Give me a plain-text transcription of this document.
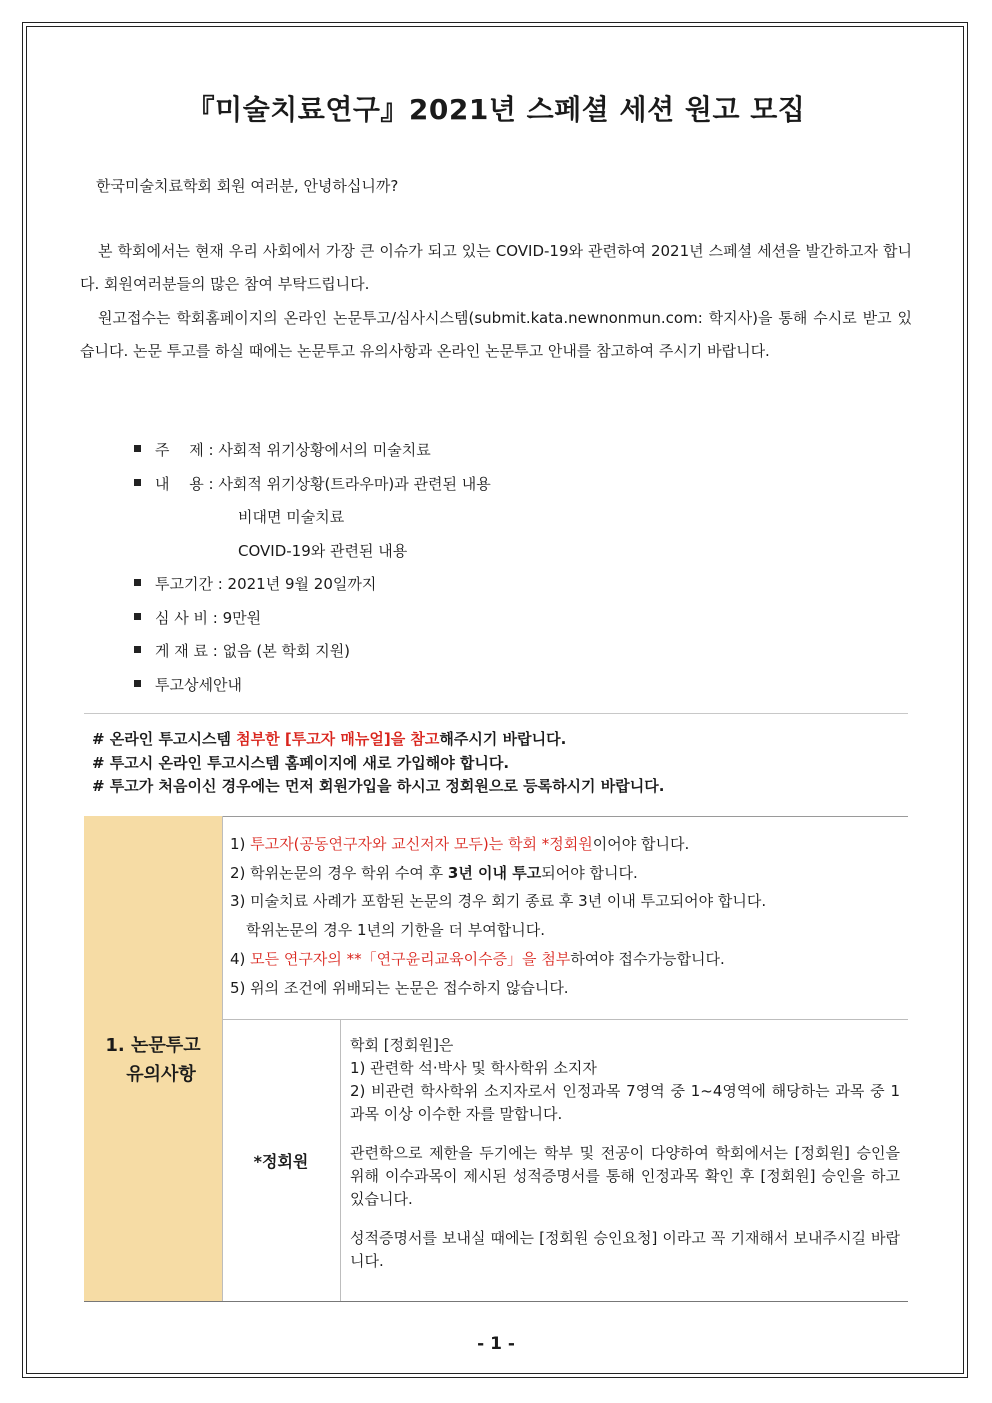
『미술치료연구』2021년 스페셜 세션 원고 모집
한국미술치료학회 회원 여러분, 안녕하십니까?
본 학회에서는 현재 우리 사회에서 가장 큰 이슈가 되고 있는 COVID-19와 관련하여 2021년 스페셜 세션을 발간하고자 합니다. 회원여러분들의 많은 참여 부탁드립니다.
원고접수는 학회홈페이지의 온라인 논문투고/심사시스템(submit.kata.newnonmun.com: 학지사)을 통해 수시로 받고 있습니다. 논문 투고를 하실 때에는 논문투고 유의사항과 온라인 논문투고 안내를 참고하여 주시기 바랍니다.
주 　제 : 사회적 위기상황에서의 미술치료
내 　용 : 사회적 위기상황(트라우마)과 관련된 내용
비대면 미술치료
COVID-19와 관련된 내용
투고기간 : 2021년 9월 20일까지
심 사 비 : 9만원
게 재 료 : 없음 (본 학회 지원)
투고상세안내
# 온라인 투고시스템 첨부한 [투고자 매뉴얼]을 참고해주시기 바랍니다.
# 투고시 온라인 투고시스템 홈페이지에 새로 가입해야 합니다.
# 투고가 처음이신 경우에는 먼저 회원가입을 하시고 정회원으로 등록하시기 바랍니다.
1. 논문투고
유의사항
1) 투고자(공동연구자와 교신저자 모두)는 학회 *정회원이어야 합니다.
2) 학위논문의 경우 학위 수여 후 3년 이내 투고되어야 합니다.
3) 미술치료 사례가 포함된 논문의 경우 회기 종료 후 3년 이내 투고되어야 합니다.
학위논문의 경우 1년의 기한을 더 부여합니다.
4) 모든 연구자의 **「연구윤리교육이수증」을 첨부하여야 접수가능합니다.
5) 위의 조건에 위배되는 논문은 접수하지 않습니다.
*정회원

학회 [정회원]은
1) 관련학 석·박사 및 학사학위 소지자
2) 비관련 학사학위 소지자로서 인정과목 7영역 중 1~4영역에 해당하는 과목 중 1과목 이상 이수한 자를 말합니다.

관련학으로 제한을 두기에는 학부 및 전공이 다양하여 학회에서는 [정회원] 승인을 위해 이수과목이 제시된 성적증명서를 통해 인정과목 확인 후 [정회원] 승인을 하고 있습니다.

성적증명서를 보내실 때에는 [정회원 승인요청] 이라고 꼭 기재해서 보내주시길 바랍니다.

- 1 -
